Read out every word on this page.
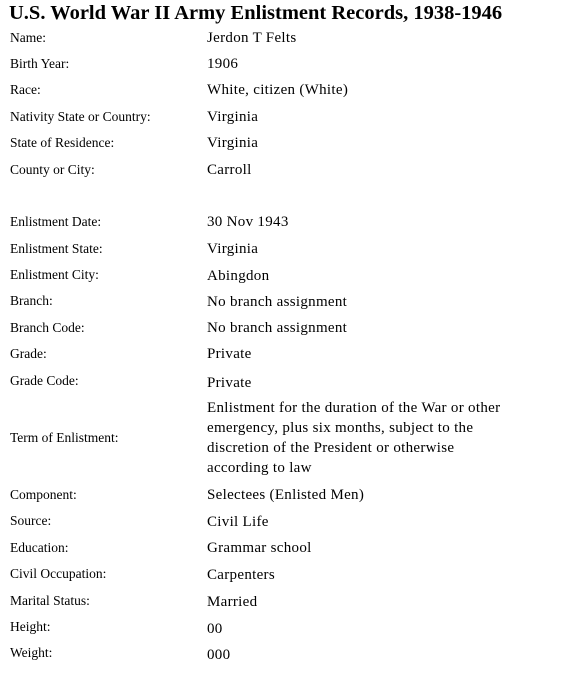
U.S. World War II Army Enlistment Records, 1938-1946
Name:	Jerdon T Felts
Birth Year:	1906
Race:	White, citizen (White)
Nativity State or Country:	Virginia
State of Residence:	Virginia
County or City:	Carroll
Enlistment Date:	30 Nov 1943
Enlistment State:	Virginia
Enlistment City:	Abingdon
Branch:	No branch assignment
Branch Code:	No branch assignment
Grade:	Private
Grade Code:	Private
Term of Enlistment:
Enlistment for the duration of the War or other emergency, plus six months, subject to the discretion of the President or otherwise according to law
Component:	Selectees (Enlisted Men)
Source:	Civil Life
Education:	Grammar school
Civil Occupation:	Carpenters
Marital Status:	Married
Height:	00
Weight:	000
